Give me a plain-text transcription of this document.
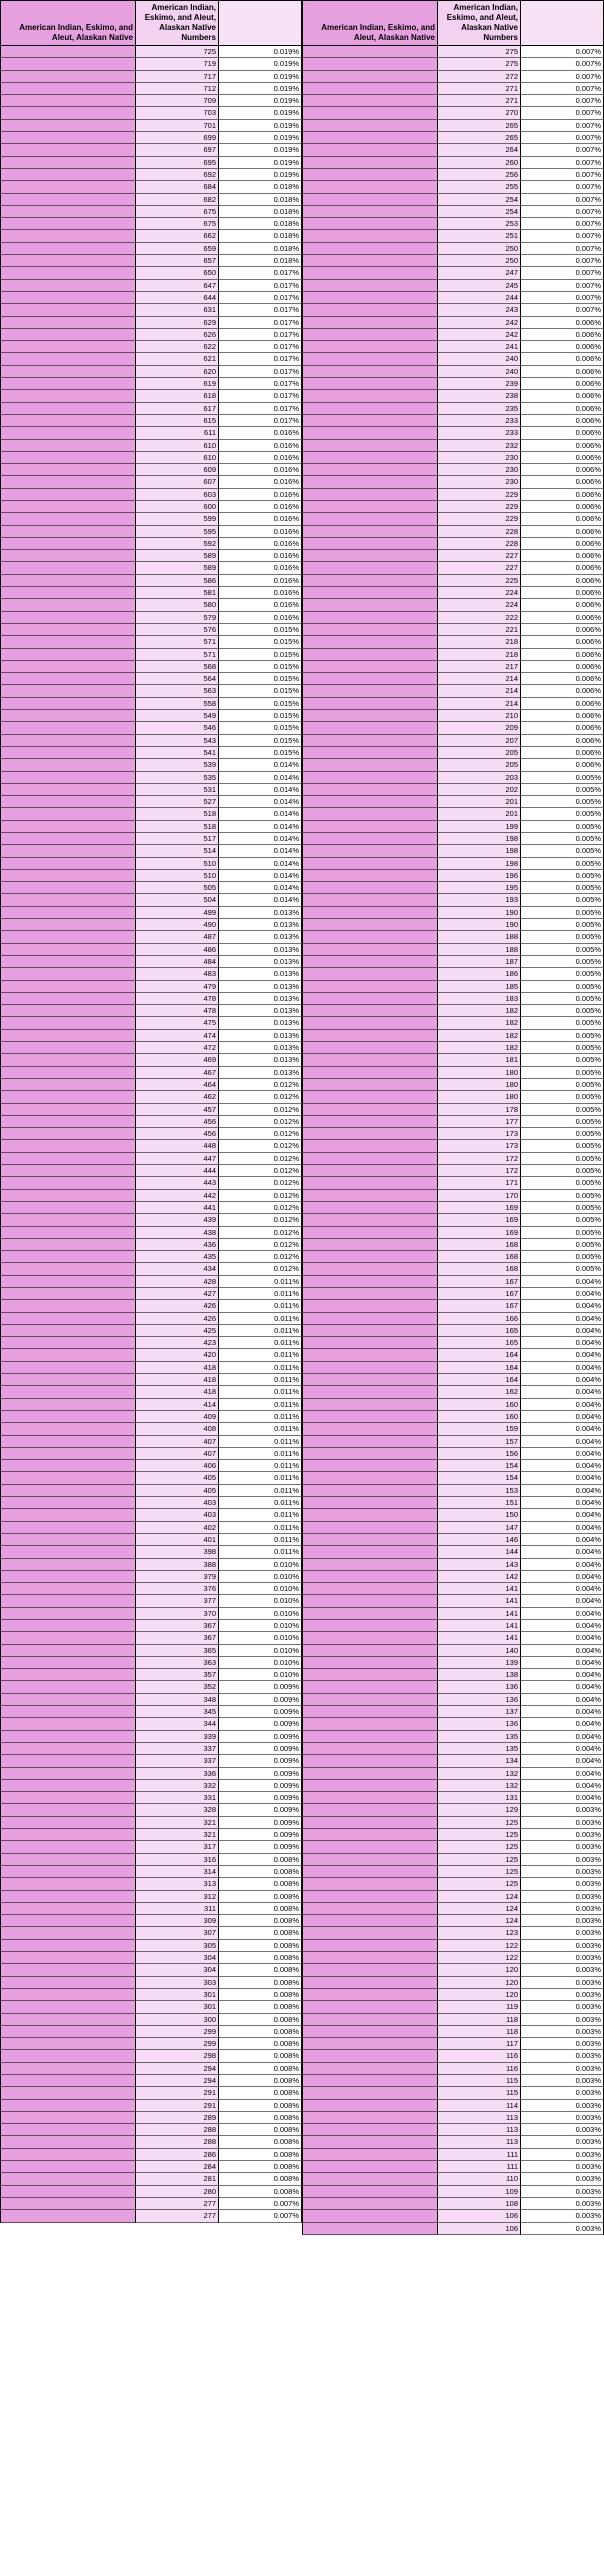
American Indian, Eskimo, and Aleut, Alaskan Native
American Indian, Eskimo, and Aleut, Alaskan Native Numbers
725	0.019%
719	0.019%
717	0.019%
712	0.019%
709	0.019%
703	0.019%
701	0.019%
699	0.019%
697	0.019%
695	0.019%
692	0.019%
684	0.018%
682	0.018%
675	0.018%
675	0.018%
662	0.018%
659	0.018%
657	0.018%
650	0.017%
647	0.017%
644	0.017%
631	0.017%
629	0.017%
626	0.017%
622	0.017%
621	0.017%
620	0.017%
619	0.017%
618	0.017%
617	0.017%
615	0.017%
611	0.016%
610	0.016%
610	0.016%
609	0.016%
607	0.016%
603	0.016%
600	0.016%
599	0.016%
595	0.016%
592	0.016%
589	0.016%
589	0.016%
586	0.016%
581	0.016%
580	0.016%
579	0.016%
576	0.015%
571	0.015%
571	0.015%
568	0.015%
564	0.015%
563	0.015%
558	0.015%
549	0.015%
546	0.015%
543	0.015%
541	0.015%
539	0.014%
535	0.014%
531	0.014%
527	0.014%
518	0.014%
518	0.014%
517	0.014%
514	0.014%
510	0.014%
510	0.014%
505	0.014%
504	0.014%
499	0.013%
490	0.013%
487	0.013%
486	0.013%
484	0.013%
483	0.013%
479	0.013%
478	0.013%
478	0.013%
475	0.013%
474	0.013%
472	0.013%
469	0.013%
467	0.013%
464	0.012%
462	0.012%
457	0.012%
456	0.012%
456	0.012%
448	0.012%
447	0.012%
444	0.012%
443	0.012%
442	0.012%
441	0.012%
439	0.012%
438	0.012%
436	0.012%
435	0.012%
434	0.012%
428	0.011%
427	0.011%
426	0.011%
426	0.011%
425	0.011%
423	0.011%
420	0.011%
418	0.011%
418	0.011%
418	0.011%
414	0.011%
409	0.011%
408	0.011%
407	0.011%
407	0.011%
406	0.011%
405	0.011%
405	0.011%
403	0.011%
403	0.011%
402	0.011%
401	0.011%
398	0.011%
388	0.010%
379	0.010%
376	0.010%
377	0.010%
370	0.010%
367	0.010%
367	0.010%
365	0.010%
363	0.010%
357	0.010%
352	0.009%
348	0.009%
345	0.009%
344	0.009%
339	0.009%
337	0.009%
337	0.009%
336	0.009%
332	0.009%
331	0.009%
328	0.009%
321	0.009%
321	0.009%
317	0.009%
316	0.008%
314	0.008%
313	0.008%
312	0.008%
311	0.008%
309	0.008%
307	0.008%
305	0.008%
304	0.008%
304	0.008%
303	0.008%
301	0.008%
301	0.008%
300	0.008%
299	0.008%
299	0.008%
298	0.008%
294	0.008%
294	0.008%
291	0.008%
291	0.008%
289	0.008%
288	0.008%
288	0.008%
286	0.008%
284	0.008%
281	0.008%
280	0.008%
277	0.007%
277	0.007%
American Indian, Eskimo, and Aleut, Alaskan Native
American Indian, Eskimo, and Aleut, Alaskan Native Numbers
275	0.007%
275	0.007%
272	0.007%
271	0.007%
271	0.007%
270	0.007%
265	0.007%
265	0.007%
264	0.007%
260	0.007%
256	0.007%
255	0.007%
254	0.007%
254	0.007%
253	0.007%
251	0.007%
250	0.007%
250	0.007%
247	0.007%
245	0.007%
244	0.007%
243	0.007%
242	0.006%
242	0.006%
241	0.006%
240	0.006%
240	0.006%
239	0.006%
238	0.006%
235	0.006%
233	0.006%
233	0.006%
232	0.006%
230	0.006%
230	0.006%
230	0.006%
229	0.006%
229	0.006%
229	0.006%
228	0.006%
228	0.006%
227	0.006%
227	0.006%
225	0.006%
224	0.006%
224	0.006%
222	0.006%
221	0.006%
218	0.006%
218	0.006%
217	0.006%
214	0.006%
214	0.006%
214	0.006%
210	0.006%
209	0.006%
207	0.006%
205	0.006%
205	0.006%
203	0.005%
202	0.005%
201	0.005%
201	0.005%
199	0.005%
198	0.005%
198	0.005%
198	0.005%
196	0.005%
195	0.005%
193	0.005%
190	0.005%
190	0.005%
188	0.005%
188	0.005%
187	0.005%
186	0.005%
185	0.005%
183	0.005%
182	0.005%
182	0.005%
182	0.005%
182	0.005%
181	0.005%
180	0.005%
180	0.005%
180	0.005%
178	0.005%
177	0.005%
173	0.005%
173	0.005%
172	0.005%
172	0.005%
171	0.005%
170	0.005%
169	0.005%
169	0.005%
169	0.005%
168	0.005%
168	0.005%
168	0.005%
167	0.004%
167	0.004%
167	0.004%
166	0.004%
165	0.004%
165	0.004%
164	0.004%
164	0.004%
164	0.004%
162	0.004%
160	0.004%
160	0.004%
159	0.004%
157	0.004%
156	0.004%
154	0.004%
154	0.004%
153	0.004%
151	0.004%
150	0.004%
147	0.004%
146	0.004%
144	0.004%
143	0.004%
142	0.004%
141	0.004%
141	0.004%
141	0.004%
141	0.004%
141	0.004%
140	0.004%
139	0.004%
138	0.004%
136	0.004%
136	0.004%
137	0.004%
136	0.004%
135	0.004%
135	0.004%
134	0.004%
132	0.004%
132	0.004%
131	0.004%
129	0.003%
125	0.003%
125	0.003%
125	0.003%
125	0.003%
125	0.003%
125	0.003%
124	0.003%
124	0.003%
124	0.003%
123	0.003%
122	0.003%
122	0.003%
120	0.003%
120	0.003%
120	0.003%
119	0.003%
118	0.003%
118	0.003%
117	0.003%
116	0.003%
116	0.003%
115	0.003%
115	0.003%
114	0.003%
113	0.003%
113	0.003%
113	0.003%
111	0.003%
111	0.003%
110	0.003%
109	0.003%
108	0.003%
106	0.003%
106	0.003%
